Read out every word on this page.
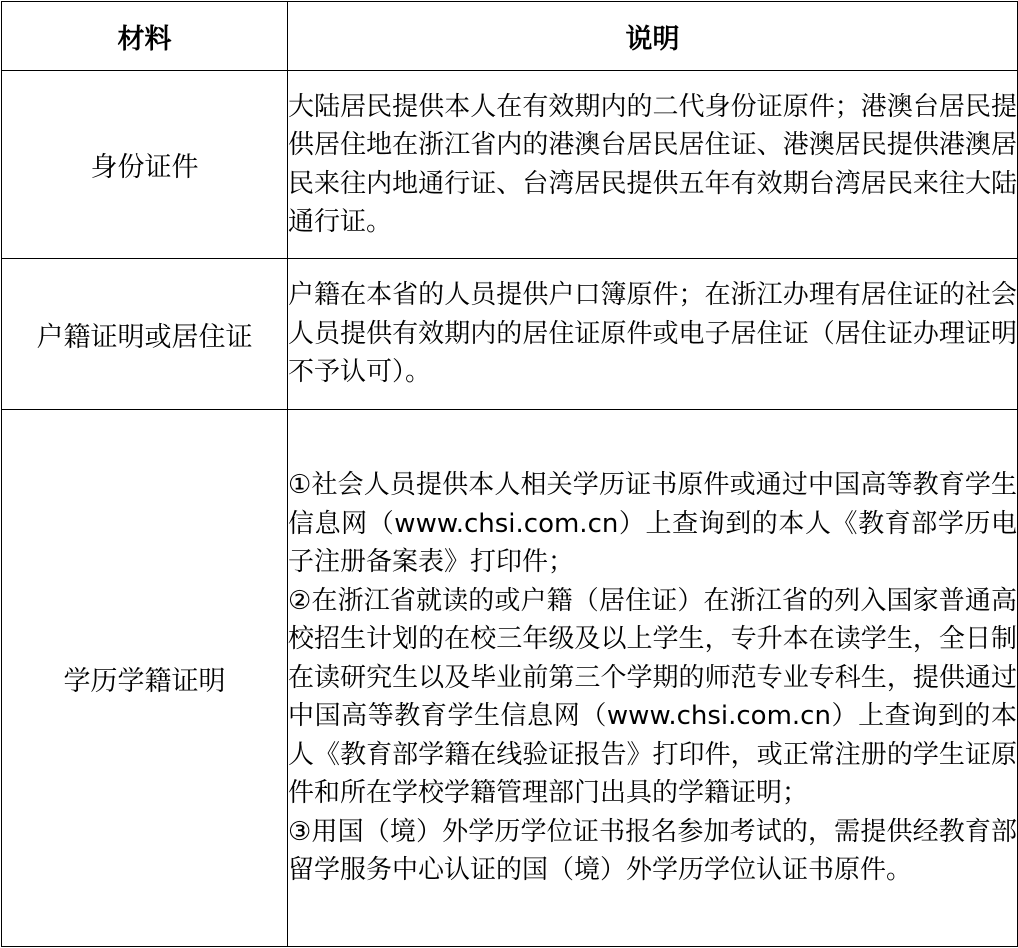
材料	说明
身份证件	大陆居民提供本人在有效期内的二代身份证原件；港澳台居民提供居住地在浙江省内的港澳台居民居住证、港澳居民提供港澳居民来往内地通行证、台湾居民提供五年有效期台湾居民来往大陆通行证。

户籍证明或居住证	户籍在本省的人员提供户口簿原件；在浙江办理有居住证的社会人员提供有效期内的居住证原件或电子居住证（居住证办理证明不予认可）。

学历学籍证明	①社会人员提供本人相关学历证书原件或通过中国高等教育学生信息网（www.chsi.com.cn）上查询到的本人《教育部学历电子注册备案表》打印件；
②在浙江省就读的或户籍（居住证）在浙江省的列入国家普通高校招生计划的在校三年级及以上学生，专升本在读学生，全日制在读研究生以及毕业前第三个学期的师范专业专科生，提供通过中国高等教育学生信息网（www.chsi.com.cn）上查询到的本人《教育部学籍在线验证报告》打印件，或正常注册的学生证原件和所在学校学籍管理部门出具的学籍证明；
③用国（境）外学历学位证书报名参加考试的，需提供经教育部留学服务中心认证的国（境）外学历学位认证书原件。
